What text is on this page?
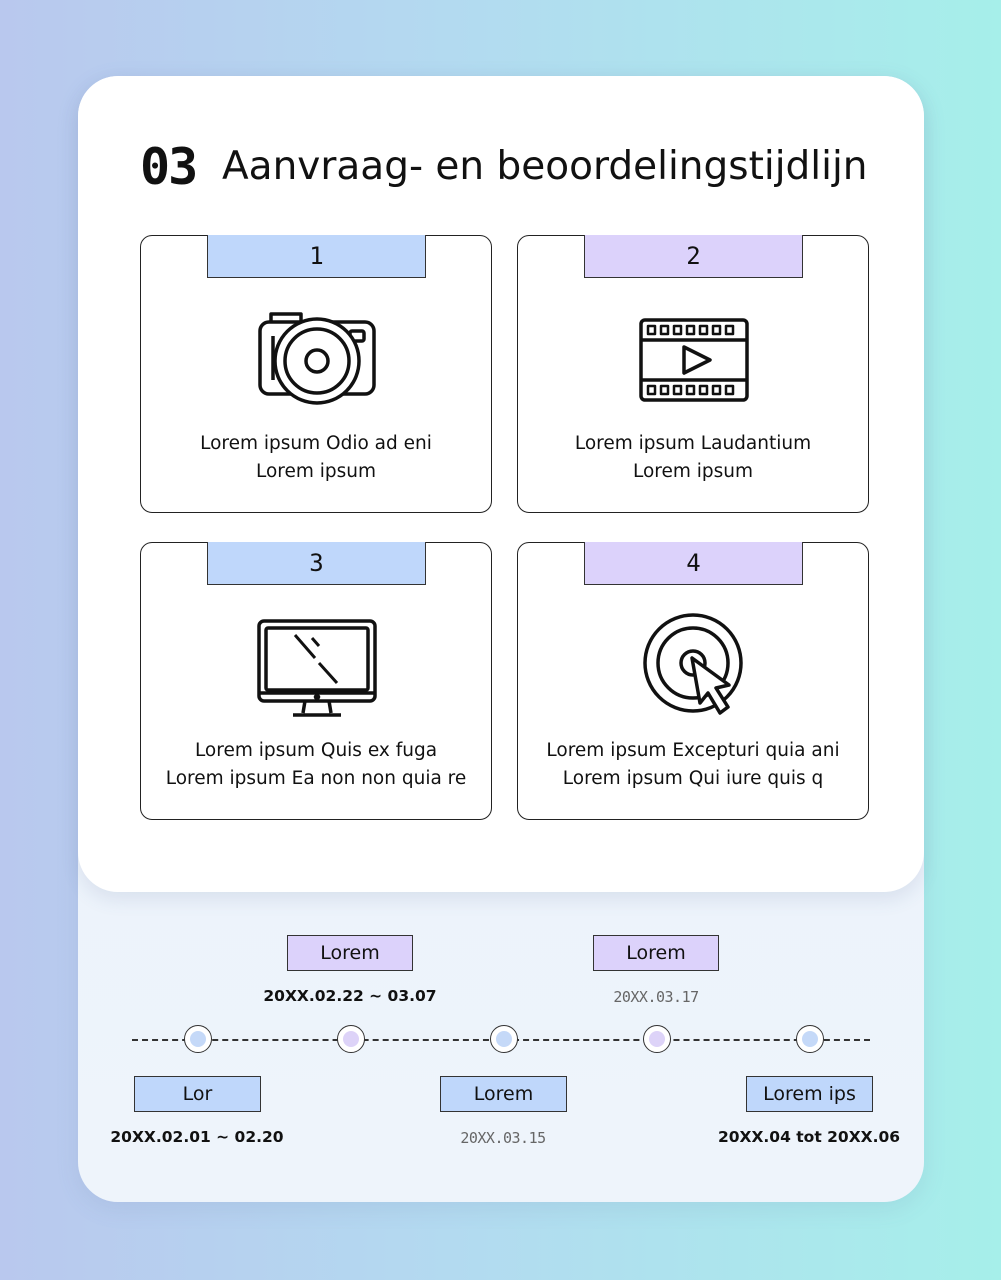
03 Aanvraag- en beoordelingstijdlijn
1
Lorem ipsum Odio ad eni
Lorem ipsum
2
Lorem ipsum Laudantium
Lorem ipsum
3
Lorem ipsum Quis ex fuga
Lorem ipsum Ea non non quia re
4
Lorem ipsum Excepturi quia ani
Lorem ipsum Qui iure quis q
Lorem
20XX.02.22 ~ 03.07
Lorem
20XX.03.17
Lor
20XX.02.01 ~ 02.20
Lorem
20XX.03.15
Lorem ips
20XX.04 tot 20XX.06
